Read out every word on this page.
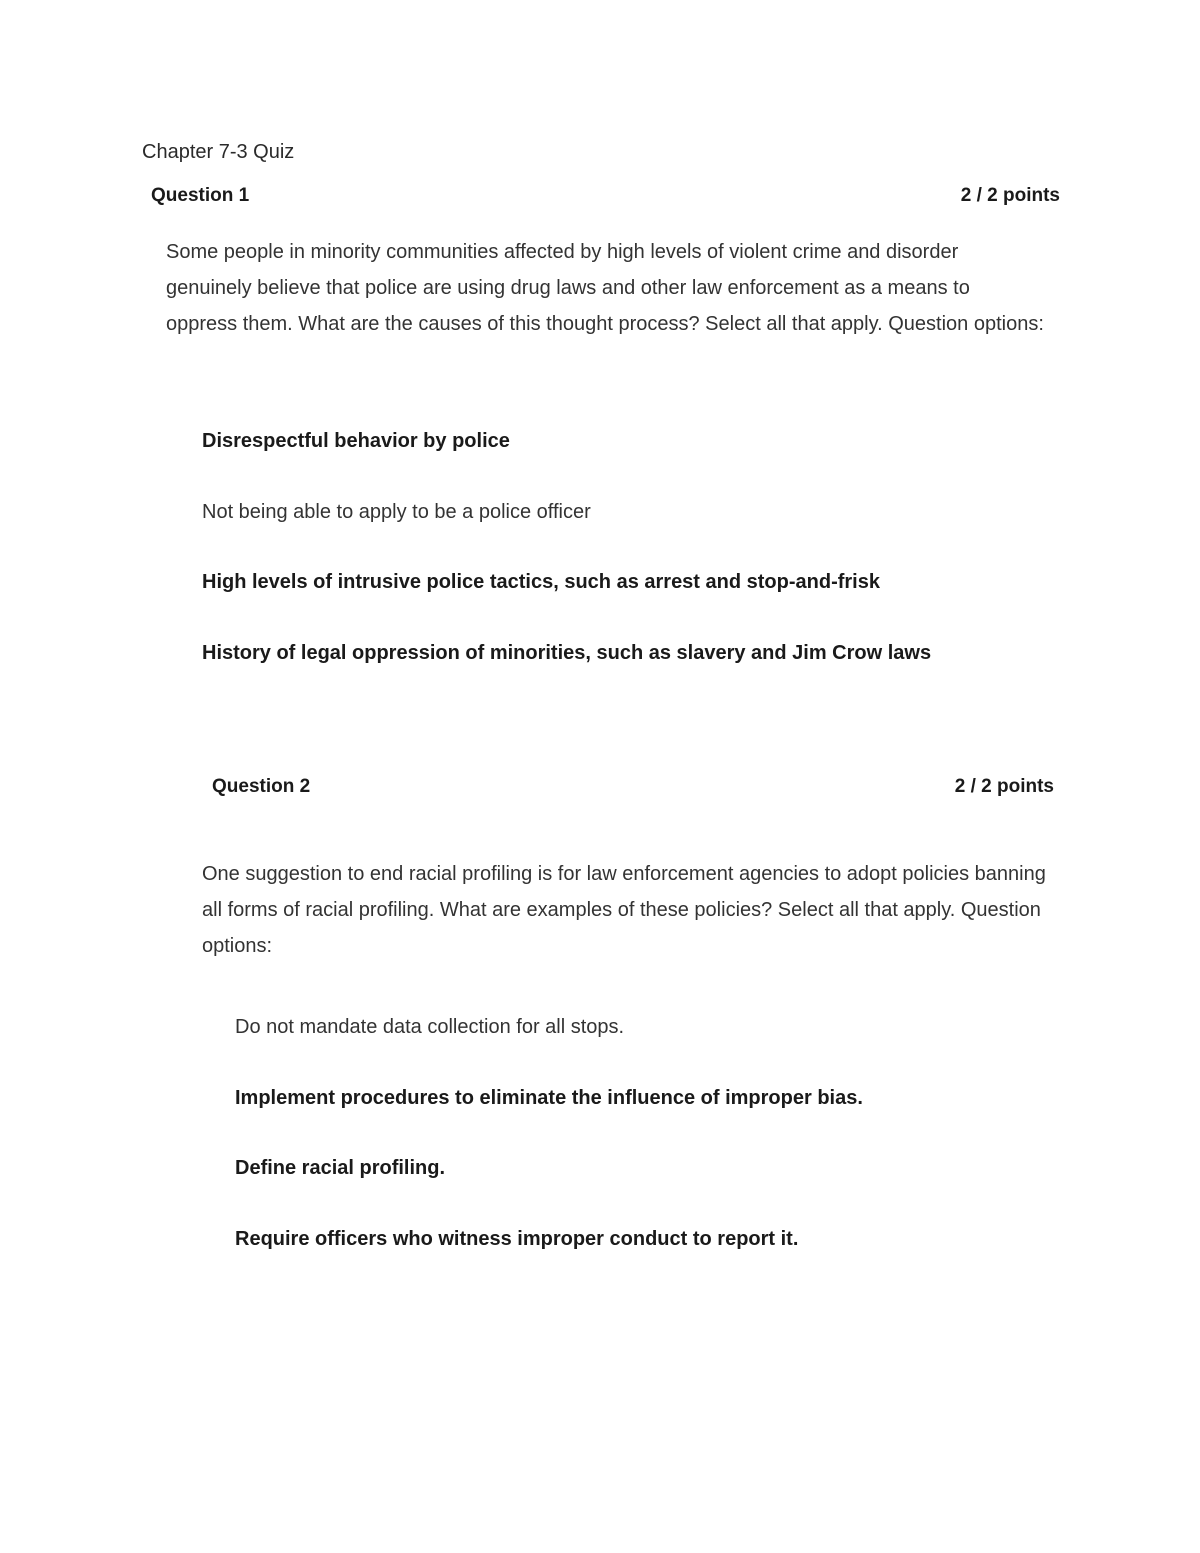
Chapter 7-3 Quiz
Question 1	2 / 2 points
Some people in minority communities affected by high levels of violent crime and disorder genuinely believe that police are using drug laws and other law enforcement as a means to oppress them. What are the causes of this thought process? Select all that apply. Question options:
Disrespectful behavior by police
Not being able to apply to be a police officer
High levels of intrusive police tactics, such as arrest and stop-and-frisk
History of legal oppression of minorities, such as slavery and Jim Crow laws
Question 2	2 / 2 points
One suggestion to end racial profiling is for law enforcement agencies to adopt policies banning all forms of racial profiling. What are examples of these policies? Select all that apply. Question options:
Do not mandate data collection for all stops.
Implement procedures to eliminate the influence of improper bias.
Define racial profiling.
Require officers who witness improper conduct to report it.
